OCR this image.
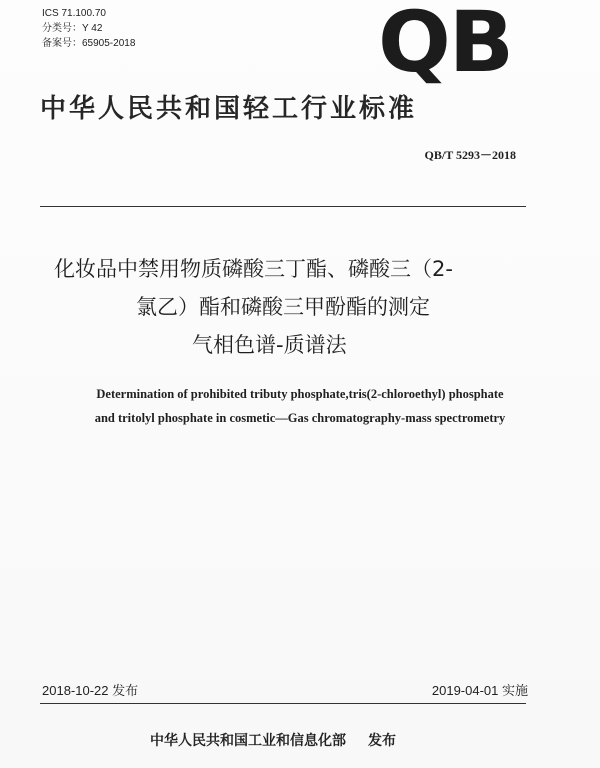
ICS 71.100.70
分类号：Y 42
备案号：65905-2018	QB
中华人民共和国轻工行业标准
QB/T 5293－2018
化妆品中禁用物质磷酸三丁酯、磷酸三（2-
氯乙）酯和磷酸三甲酚酯的测定
气相色谱-质谱法
Determination of prohibited tributy phosphate,tris(2-chloroethyl) phosphate
and tritolyl phosphate in cosmetic—Gas chromatography-mass spectrometry
2018-10-22 发布	2019-04-01 实施
中华人民共和国工业和信息化部 发布
